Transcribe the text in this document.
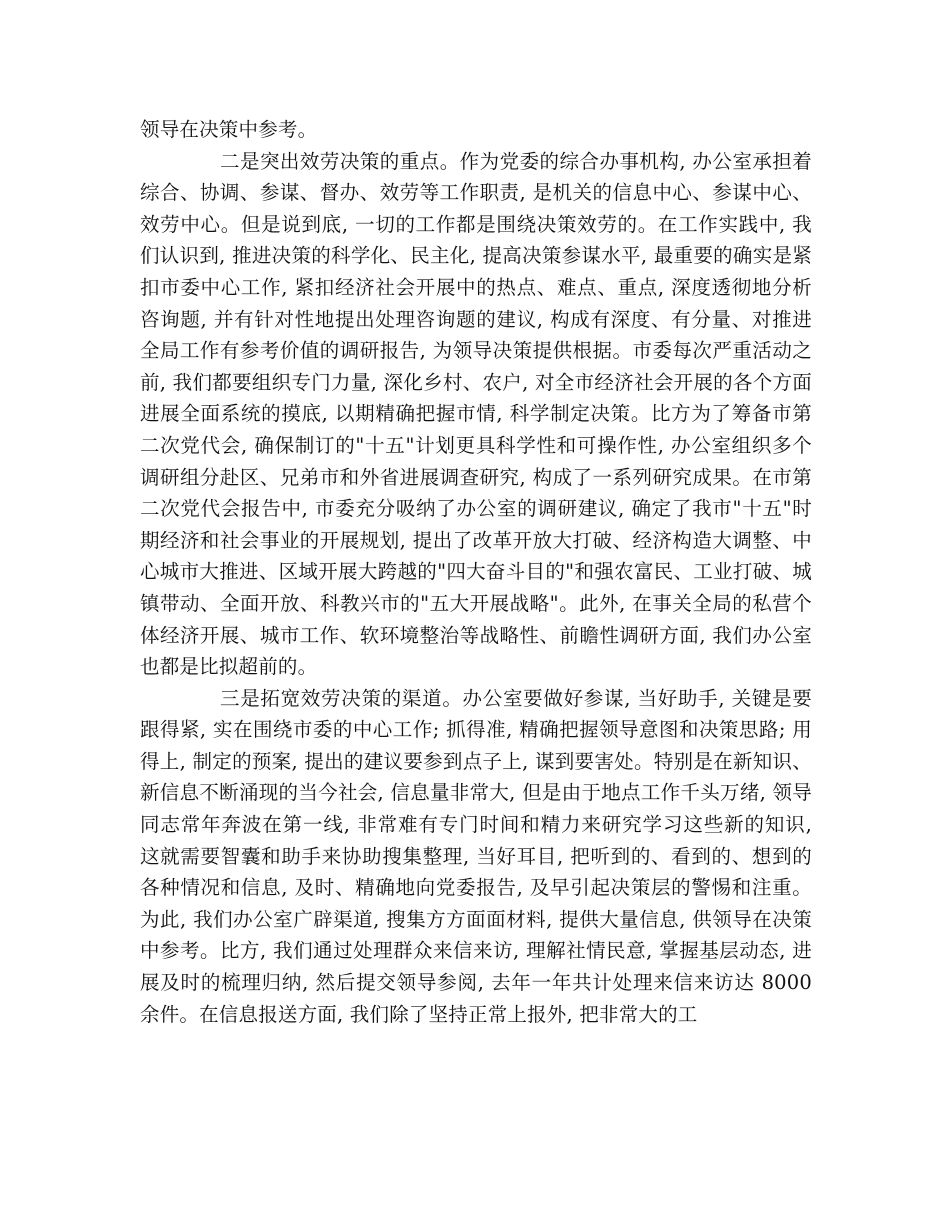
领导在决策中参考。

二是突出效劳决策的重点。作为党委的综合办事机构, 办公室承担着综合、协调、参谋、督办、效劳等工作职责, 是机关的信息中心、参谋中心、效劳中心。但是说到底, 一切的工作都是围绕决策效劳的。在工作实践中, 我们认识到, 推进决策的科学化、民主化, 提高决策参谋水平, 最重要的确实是紧扣市委中心工作, 紧扣经济社会开展中的热点、难点、重点, 深度透彻地分析咨询题, 并有针对性地提出处理咨询题的建议, 构成有深度、有分量、对推进全局工作有参考价值的调研报告, 为领导决策提供根据。市委每次严重活动之前, 我们都要组织专门力量, 深化乡村、农户, 对全市经济社会开展的各个方面进展全面系统的摸底, 以期精确把握市情, 科学制定决策。比方为了筹备市第二次党代会, 确保制订的"十五"计划更具科学性和可操作性, 办公室组织多个调研组分赴区、兄弟市和外省进展调查研究, 构成了一系列研究成果。在市第二次党代会报告中, 市委充分吸纳了办公室的调研建议, 确定了我市"十五"时期经济和社会事业的开展规划, 提出了改革开放大打破、经济构造大调整、中心城市大推进、区域开展大跨越的"四大奋斗目的"和强农富民、工业打破、城镇带动、全面开放、科教兴市的"五大开展战略"。此外, 在事关全局的私营个体经济开展、城市工作、软环境整治等战略性、前瞻性调研方面, 我们办公室也都是比拟超前的。

三是拓宽效劳决策的渠道。办公室要做好参谋, 当好助手, 关键是要跟得紧, 实在围绕市委的中心工作; 抓得准, 精确把握领导意图和决策思路; 用得上, 制定的预案, 提出的建议要参到点子上, 谋到要害处。特别是在新知识、新信息不断涌现的当今社会, 信息量非常大, 但是由于地点工作千头万绪, 领导同志常年奔波在第一线, 非常难有专门时间和精力来研究学习这些新的知识, 这就需要智囊和助手来协助搜集整理, 当好耳目, 把听到的、看到的、想到的各种情况和信息, 及时、精确地向党委报告, 及早引起决策层的警惕和注重。为此, 我们办公室广辟渠道, 搜集方方面面材料, 提供大量信息, 供领导在决策中参考。比方, 我们通过处理群众来信来访, 理解社情民意, 掌握基层动态, 进展及时的梳理归纳, 然后提交领导参阅, 去年一年共计处理来信来访达 8000 余件。在信息报送方面, 我们除了坚持正常上报外, 把非常大的工
